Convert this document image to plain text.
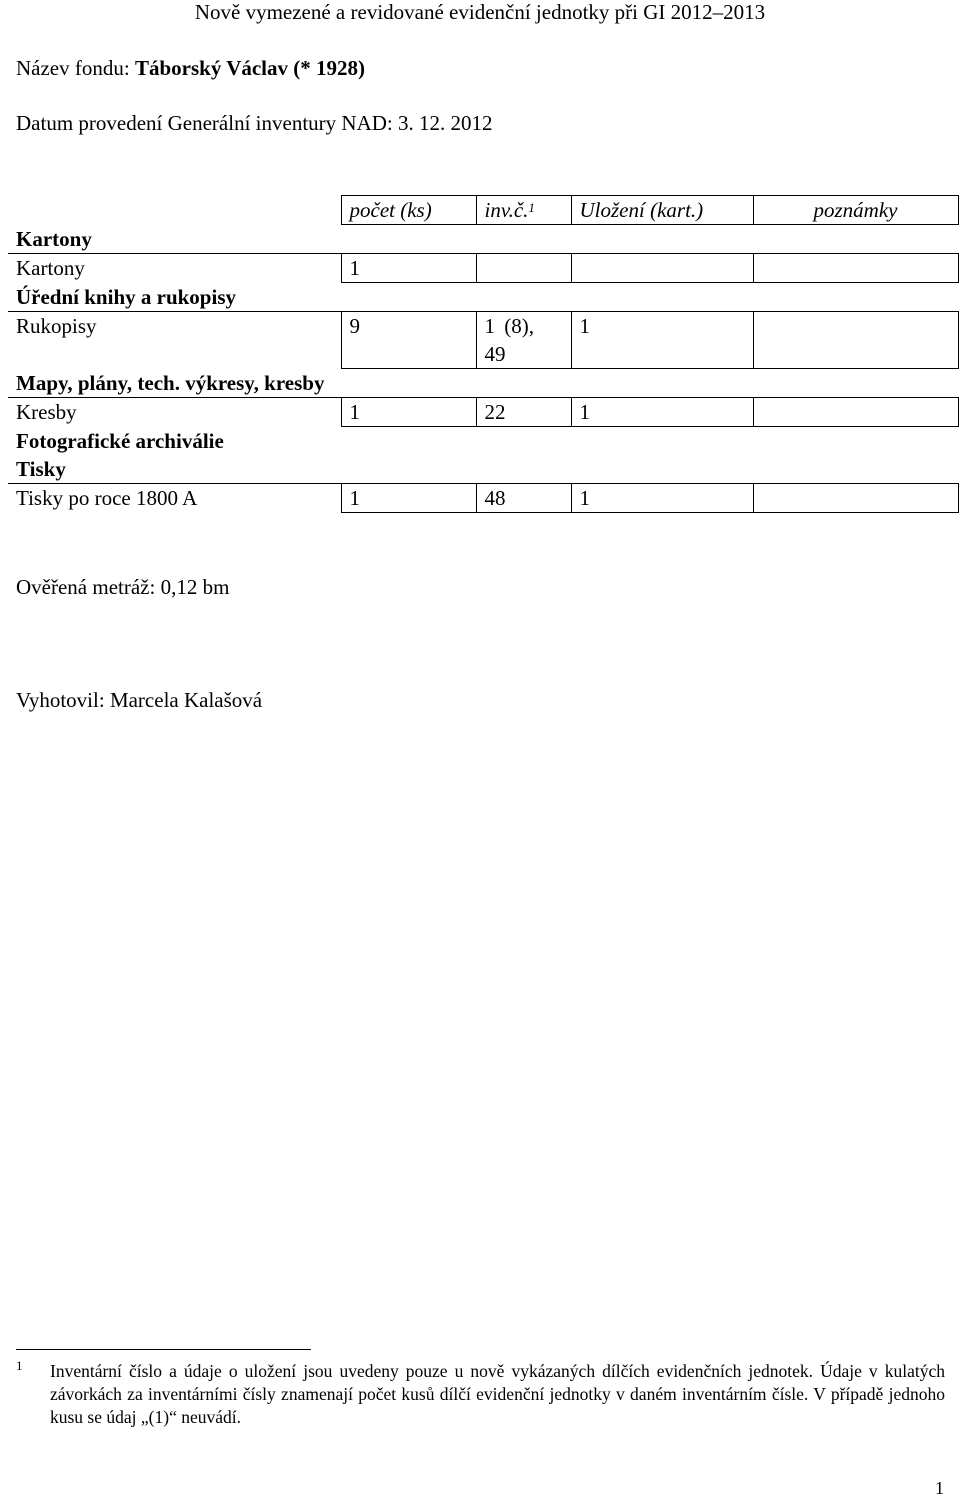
Nově vymezené a revidované evidenční jednotky při GI 2012–2013
Název fondu: Táborský Václav (* 1928)
Datum provedení Generální inventury NAD: 3. 12. 2012
	počet (ks)	inv.č.$^1$	Uložení (kart.)	poznámky
Kartony				
Kartony	1			
Úřední knihy a rukopisy				
Rukopisy	9	1 (8), 49	1	
Mapy, plány, tech. výkresy, kresby				
Kresby	1	22	1	
Fotografické archiválie				
Tisky				
Tisky po roce 1800 A	1	48	1	
Ověřená metráž: 0,12 bm
Vyhotovil: Marcela Kalašová
1 Inventární číslo a údaje o uložení jsou uvedeny pouze u nově vykázaných dílčích evidenčních jednotek. Údaje v kulatých závorkách za inventárními čísly znamenají počet kusů dílčí evidenční jednotky v daném inventárním čísle. V případě jednoho kusu se údaj „(1)“ neuvádí.
1
